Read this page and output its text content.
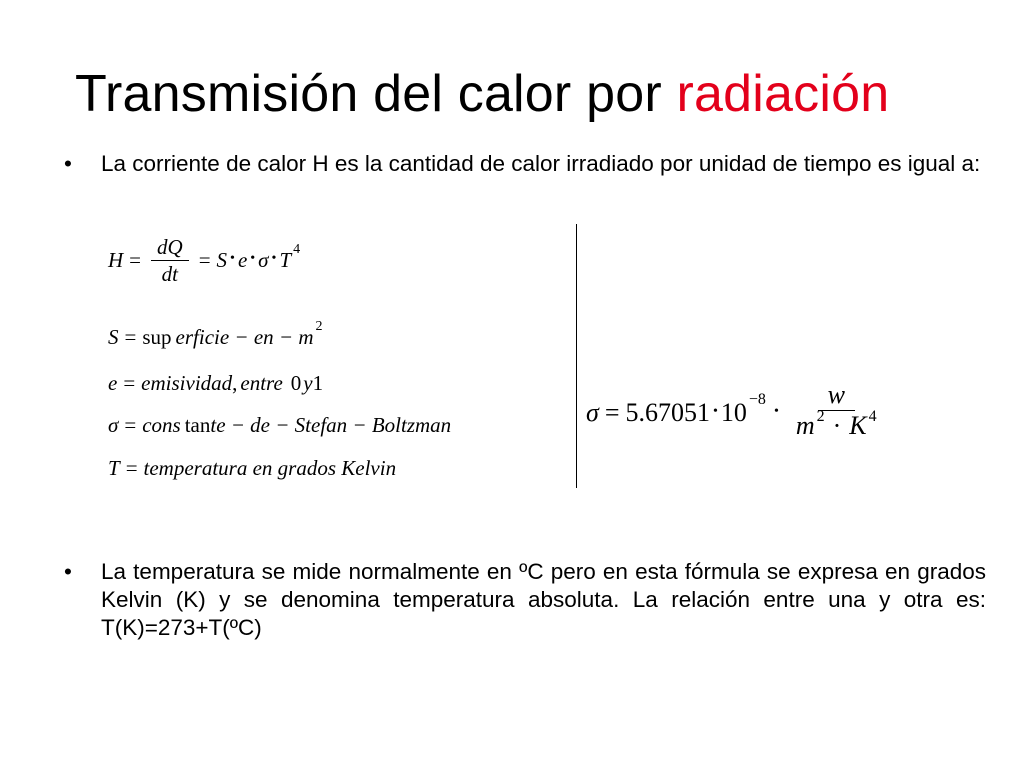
Transmisión del calor por radiación
• La corriente de calor H es la cantidad de calor irradiado por unidad de tiempo es igual a:
$H = \frac{dQ}{dt} = S$ • e • σ • T 4
S = sup erficie − en − m 2
e = emisividad , entre 0 y 1
σ = cons tan te − de − Stefan − Boltzman
T = temperatura en grados Kelvin
σ = 5.67051 • 10 −8
• $\frac{w}{m ^2 \cdot K ^4}$
• La temperatura se mide normalmente en ºC pero en esta fórmula se expresa en grados Kelvin (K) y se denomina temperatura absoluta. La relación entre una y otra es: T(K)=273+T(ºC)
